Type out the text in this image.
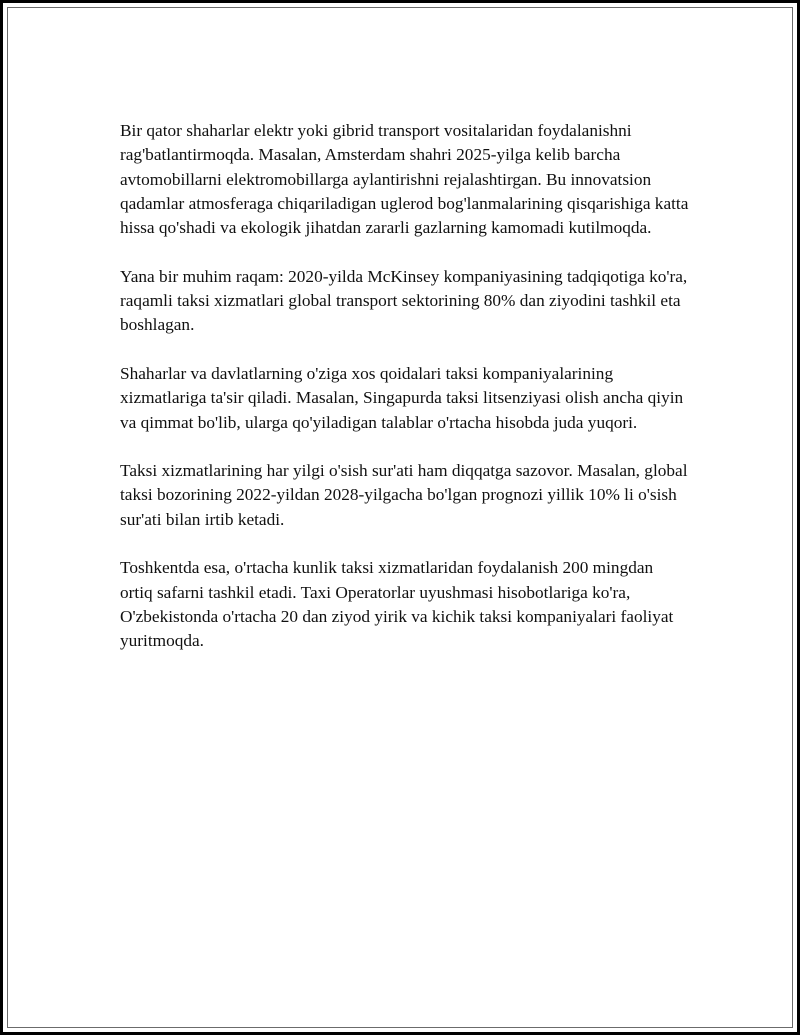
Bir qator shaharlar elektr yoki gibrid transport vositalaridan foydalanishni rag'batlantirmoqda. Masalan, Amsterdam shahri 2025-yilga kelib barcha avtomobillarni elektromobillarga aylantirishni rejalashtirgan. Bu innovatsion qadamlar atmosferaga chiqariladigan uglerod bog'lanmalarining qisqarishiga katta hissa qo'shadi va ekologik jihatdan zararli gazlarning kamomadi kutilmoqda.

Yana bir muhim raqam: 2020-yilda McKinsey kompaniyasining tadqiqotiga ko'ra, raqamli taksi xizmatlari global transport sektorining 80% dan ziyodini tashkil eta boshlagan.

Shaharlar va davlatlarning o'ziga xos qoidalari taksi kompaniyalarining xizmatlariga ta'sir qiladi. Masalan, Singapurda taksi litsenziyasi olish ancha qiyin va qimmat bo'lib, ularga qo'yiladigan talablar o'rtacha hisobda juda yuqori.

Taksi xizmatlarining har yilgi o'sish sur'ati ham diqqatga sazovor. Masalan, global taksi bozorining 2022-yildan 2028-yilgacha bo'lgan prognozi yillik 10% li o'sish sur'ati bilan irtib ketadi.

Toshkentda esa, o'rtacha kunlik taksi xizmatlaridan foydalanish 200 mingdan ortiq safarni tashkil etadi. Taxi Operatorlar uyushmasi hisobotlariga ko'ra, O'zbekistonda o'rtacha 20 dan ziyod yirik va kichik taksi kompaniyalari faoliyat yuritmoqda.
